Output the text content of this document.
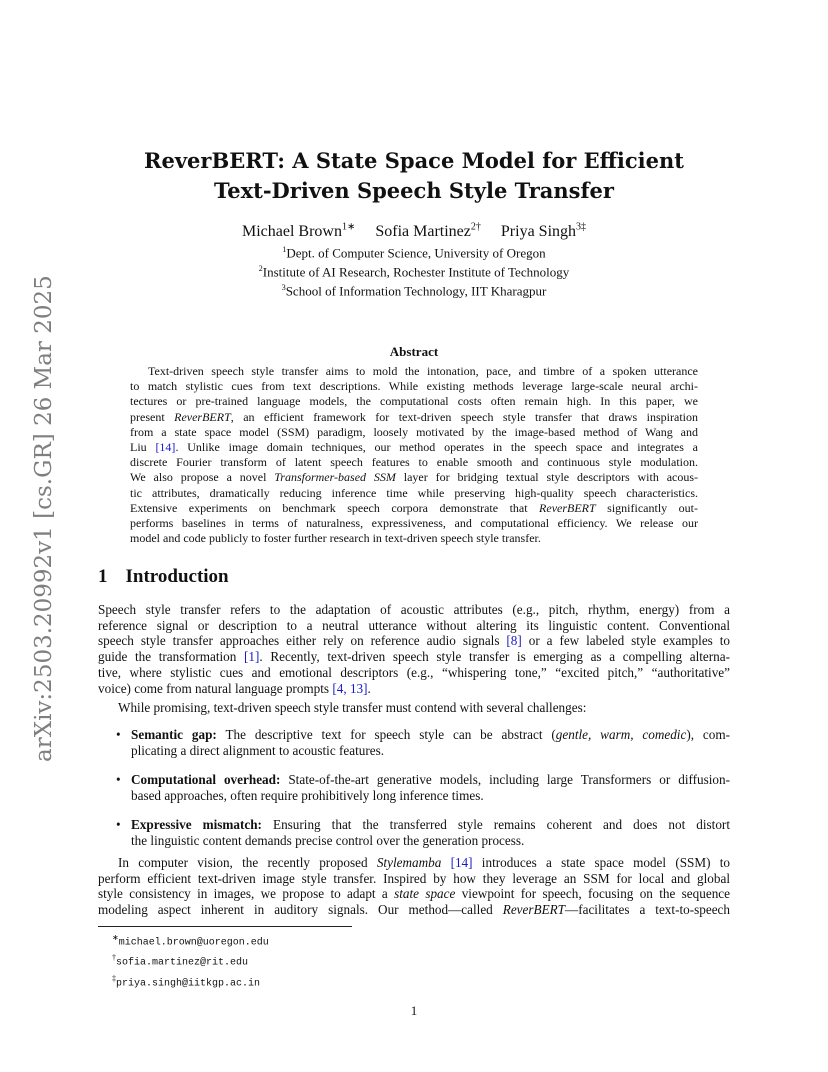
arXiv:2503.20992v1 [cs.GR] 26 Mar 2025
ReverBERT: A State Space Model for Efficient
Text-Driven Speech Style Transfer
Michael Brown$^{1∗}$ Sofia Martinez$^{2\dagger}$ Priya Singh$^{3\ddagger}$
$^1$Dept. of Computer Science, University of Oregon
$^2$Institute of AI Research, Rochester Institute of Technology
$^3$School of Information Technology, IIT Kharagpur
Abstract
Text-driven speech style transfer aims to mold the intonation, pace, and timbre of a spoken utterance
to match stylistic cues from text descriptions. While existing methods leverage large-scale neural archi-
tectures or pre-trained language models, the computational costs often remain high. In this paper, we
present ReverBERT, an efficient framework for text-driven speech style transfer that draws inspiration
from a state space model (SSM) paradigm, loosely motivated by the image-based method of Wang and
Liu [14]. Unlike image domain techniques, our method operates in the speech space and integrates a
discrete Fourier transform of latent speech features to enable smooth and continuous style modulation.
We also propose a novel Transformer-based SSM layer for bridging textual style descriptors with acous-
tic attributes, dramatically reducing inference time while preserving high-quality speech characteristics.
Extensive experiments on benchmark speech corpora demonstrate that ReverBERT significantly out-
performs baselines in terms of naturalness, expressiveness, and computational efficiency. We release our
model and code publicly to foster further research in text-driven speech style transfer.
1 Introduction
Speech style transfer refers to the adaptation of acoustic attributes (e.g., pitch, rhythm, energy) from a
reference signal or description to a neutral utterance without altering its linguistic content. Conventional
speech style transfer approaches either rely on reference audio signals [8] or a few labeled style examples to
guide the transformation [1]. Recently, text-driven speech style transfer is emerging as a compelling alterna-
tive, where stylistic cues and emotional descriptors (e.g., “whispering tone,” “excited pitch,” “authoritative”
voice) come from natural language prompts [4, 13].
While promising, text-driven speech style transfer must contend with several challenges:
• Semantic gap: The descriptive text for speech style can be abstract (gentle, warm, comedic), com-
plicating a direct alignment to acoustic features.
• Computational overhead: State-of-the-art generative models, including large Transformers or diffusion-
based approaches, often require prohibitively long inference times.
• Expressive mismatch: Ensuring that the transferred style remains coherent and does not distort
the linguistic content demands precise control over the generation process.
In computer vision, the recently proposed Stylemamba [14] introduces a state space model (SSM) to
perform efficient text-driven image style transfer. Inspired by how they leverage an SSM for local and global
style consistency in images, we propose to adapt a state space viewpoint for speech, focusing on the sequence
modeling aspect inherent in auditory signals. Our method—called ReverBERT—facilitates a text-to-speech
∗michael.brown@uoregon.edu
†sofia.martinez@rit.edu
‡priya.singh@iitkgp.ac.in
1
